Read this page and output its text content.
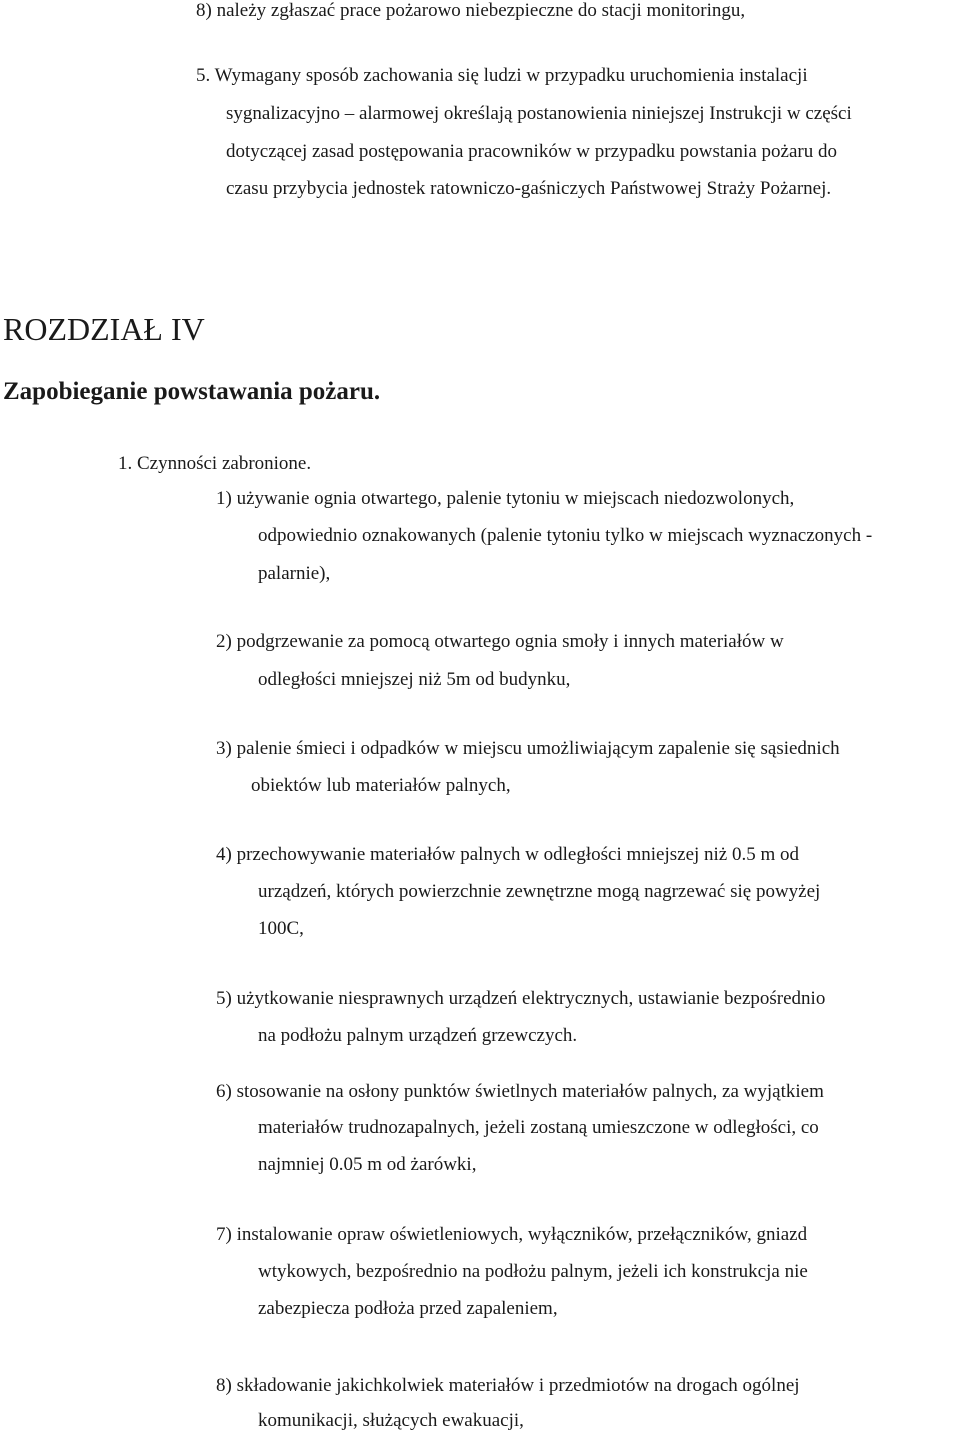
8) należy zgłaszać prace pożarowo niebezpieczne do stacji monitoringu,

5. Wymagany sposób zachowania się ludzi w przypadku uruchomienia instalacji

sygnalizacyjno – alarmowej określają postanowienia niniejszej Instrukcji w części

dotyczącej zasad postępowania pracowników w przypadku powstania pożaru do

czasu przybycia jednostek ratowniczo-gaśniczych Państwowej Straży Pożarnej.

ROZDZIAŁ IV
Zapobieganie powstawania pożaru.

1. Czynności zabronione.

1) używanie ognia otwartego, palenie tytoniu w miejscach niedozwolonych,

odpowiednio oznakowanych (palenie tytoniu tylko w miejscach wyznaczonych -

palarnie),

2) podgrzewanie za pomocą otwartego ognia smoły i innych materiałów w

odległości mniejszej niż 5m od budynku,

3) palenie śmieci i odpadków w miejscu umożliwiającym zapalenie się sąsiednich

obiektów lub materiałów palnych,

4) przechowywanie materiałów palnych w odległości mniejszej niż 0.5 m od

urządzeń, których powierzchnie zewnętrzne mogą nagrzewać się powyżej

100C,

5) użytkowanie niesprawnych urządzeń elektrycznych, ustawianie bezpośrednio

na podłożu palnym urządzeń grzewczych.

6) stosowanie na osłony punktów świetlnych materiałów palnych, za wyjątkiem

materiałów trudnozapalnych, jeżeli zostaną umieszczone w odległości, co

najmniej 0.05 m od żarówki,

7) instalowanie opraw oświetleniowych, wyłączników, przełączników, gniazd

wtykowych, bezpośrednio na podłożu palnym, jeżeli ich konstrukcja nie

zabezpiecza podłoża przed zapaleniem,

8) składowanie jakichkolwiek materiałów i przedmiotów na drogach ogólnej

komunikacji, służących ewakuacji,
